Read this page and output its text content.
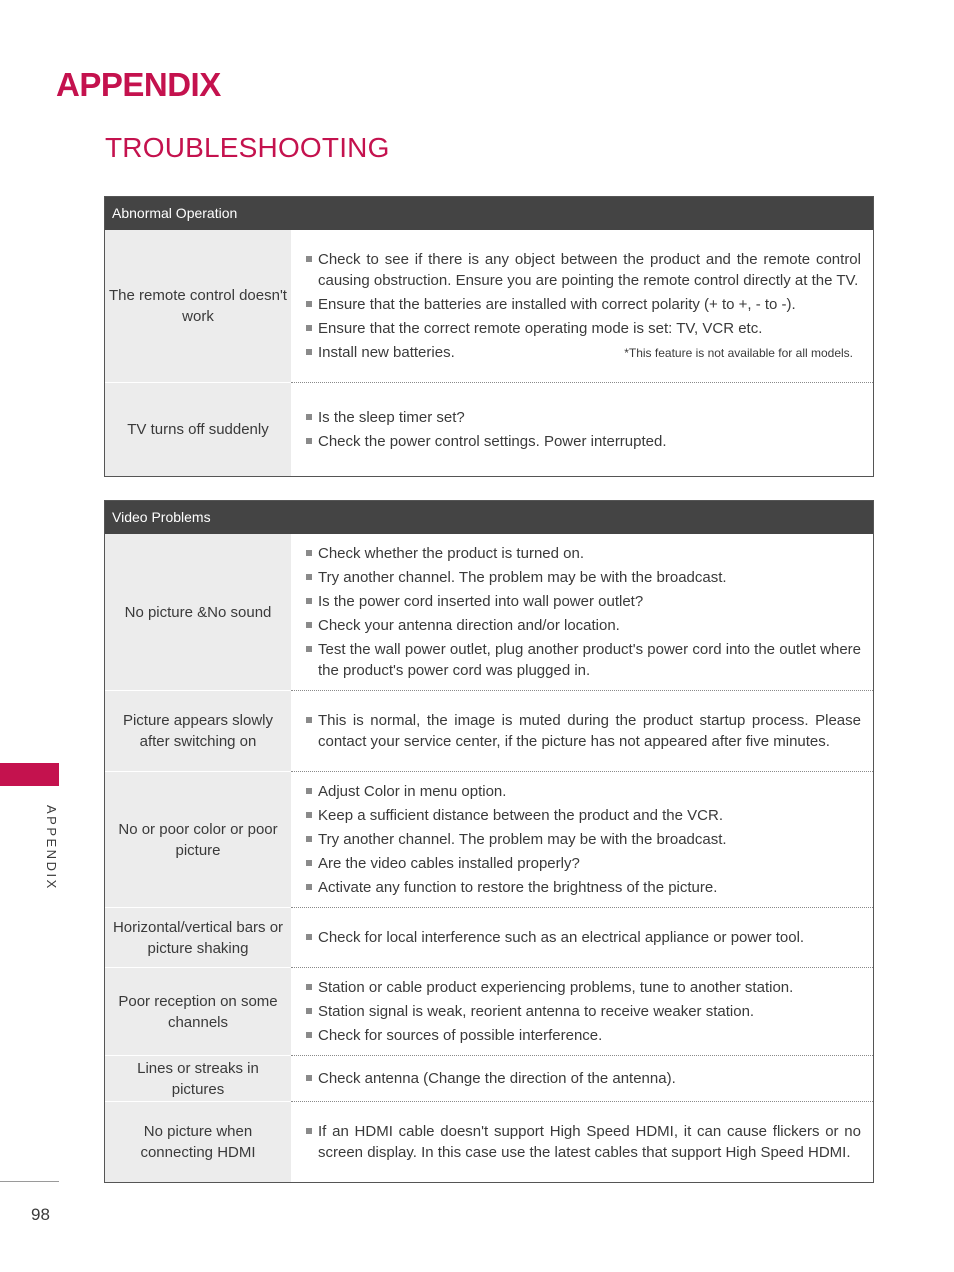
APPENDIX
TROUBLESHOOTING
APPENDIX
98
Abnormal Operation
The remote control doesn't work
Check to see if there is any object between the product and the remote control causing obstruction. Ensure you are pointing the remote control directly at the TV.
Ensure that the batteries are installed with correct polarity (+ to +, - to -).
Ensure that the correct remote operating mode is set: TV, VCR etc.
Install new batteries.	*This feature is not available for all models.
TV turns off suddenly
Is the sleep timer set?
Check the power control settings. Power interrupted.
Video Problems
No picture &No sound
Check whether the product is turned on.
Try another channel. The problem may be with the broadcast.
Is the power cord inserted into wall power outlet?
Check your antenna direction and/or location.
Test the wall power outlet, plug another product's power cord into the outlet where the product's power cord was plugged in.
Picture appears slowly after switching on
This is normal, the image is muted during the product startup process. Please contact your service center, if the picture has not appeared after five minutes.
No or poor color or poor picture
Adjust Color in menu option.
Keep a sufficient distance between the product and the VCR.
Try another channel. The problem may be with the broadcast.
Are the video cables installed properly?
Activate any function to restore the brightness of the picture.
Horizontal/vertical bars or picture shaking
Check for local interference such as an electrical appliance or power tool.
Poor reception on some channels
Station or cable product experiencing problems, tune to another station.
Station signal is weak, reorient antenna to receive weaker station.
Check for sources of possible interference.
Lines or streaks in pictures
Check antenna (Change the direction of the antenna).
No picture when connecting HDMI
If an HDMI cable doesn't support High Speed HDMI, it can cause flickers or no screen display. In this case use the latest cables that support High Speed HDMI.
